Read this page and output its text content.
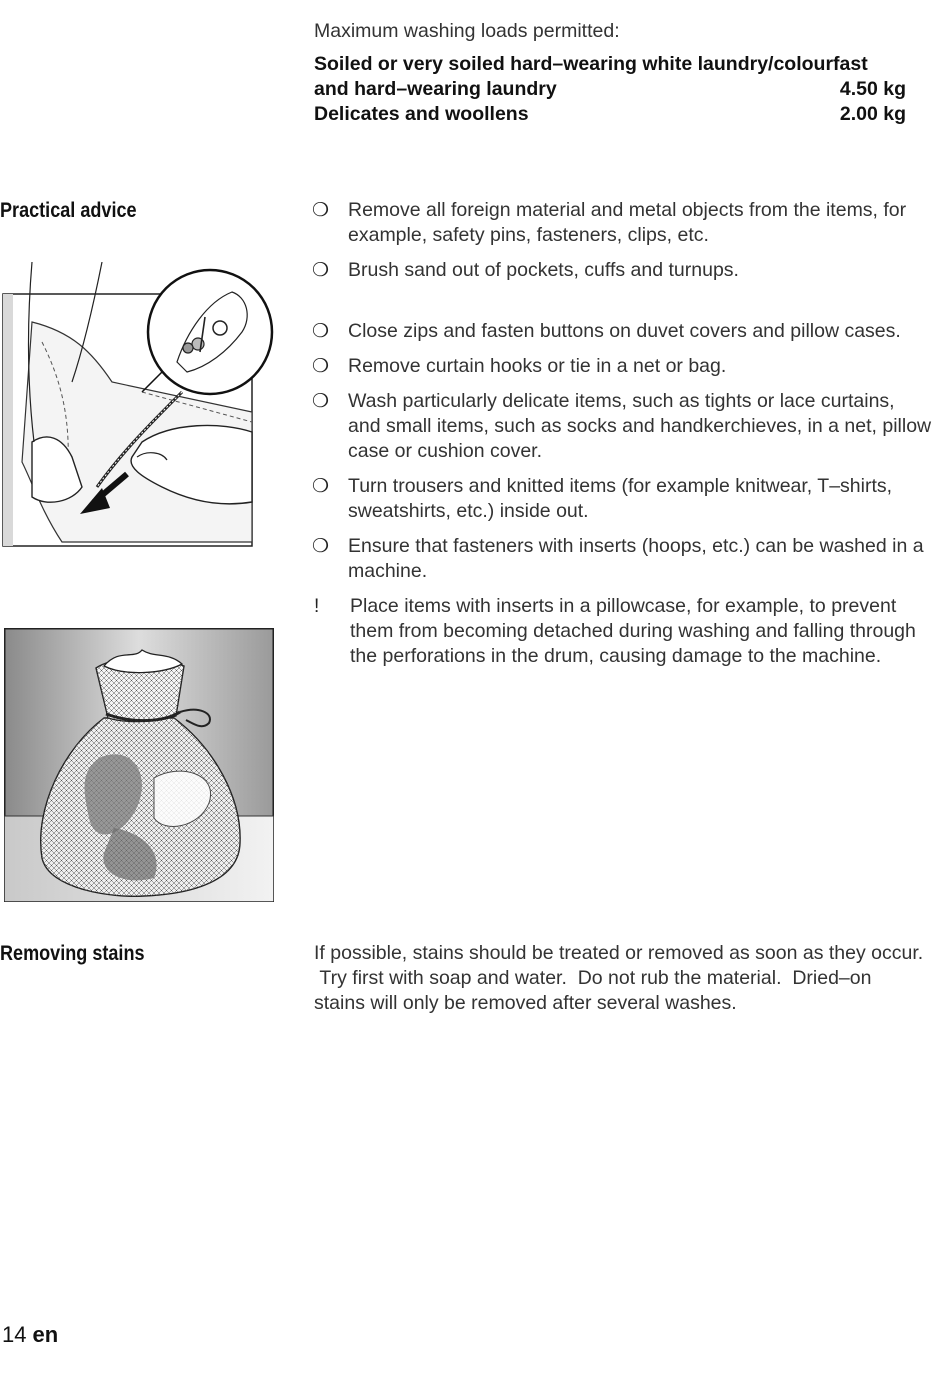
Maximum washing loads permitted:
Soiled or very soiled hard–wearing white laundry/colourfast
and hard–wearing laundry	4.50 kg
Delicates and woollens	2.00 kg
Practical advice	❍ Remove all foreign material and metal objects from the items, for example, safety pins, fasteners, clips, etc.
❍ Brush sand out of pockets, cuffs and turnups.
❍ Close zips and fasten buttons on duvet covers and pillow cases.
❍ Remove curtain hooks or tie in a net or bag.
❍ Wash particularly delicate items, such as tights or lace curtains, and small items, such as socks and handkerchieves, in a net, pillow case or cushion cover.
❍ Turn trousers and knitted items (for example knitwear, T–shirts, sweatshirts, etc.) inside out.
❍ Ensure that fasteners with inserts (hoops, etc.) can be washed in a machine.
!	Place items with inserts in a pillowcase, for example, to prevent them from becoming detached during washing and falling through the perforations in the drum, causing damage to the machine.
Removing stains	If possible, stains should be treated or removed as soon as they occur.

Try first with soap and water.  Do not rub the material.  Dried–on stains will only be removed after several washes.

14 en
